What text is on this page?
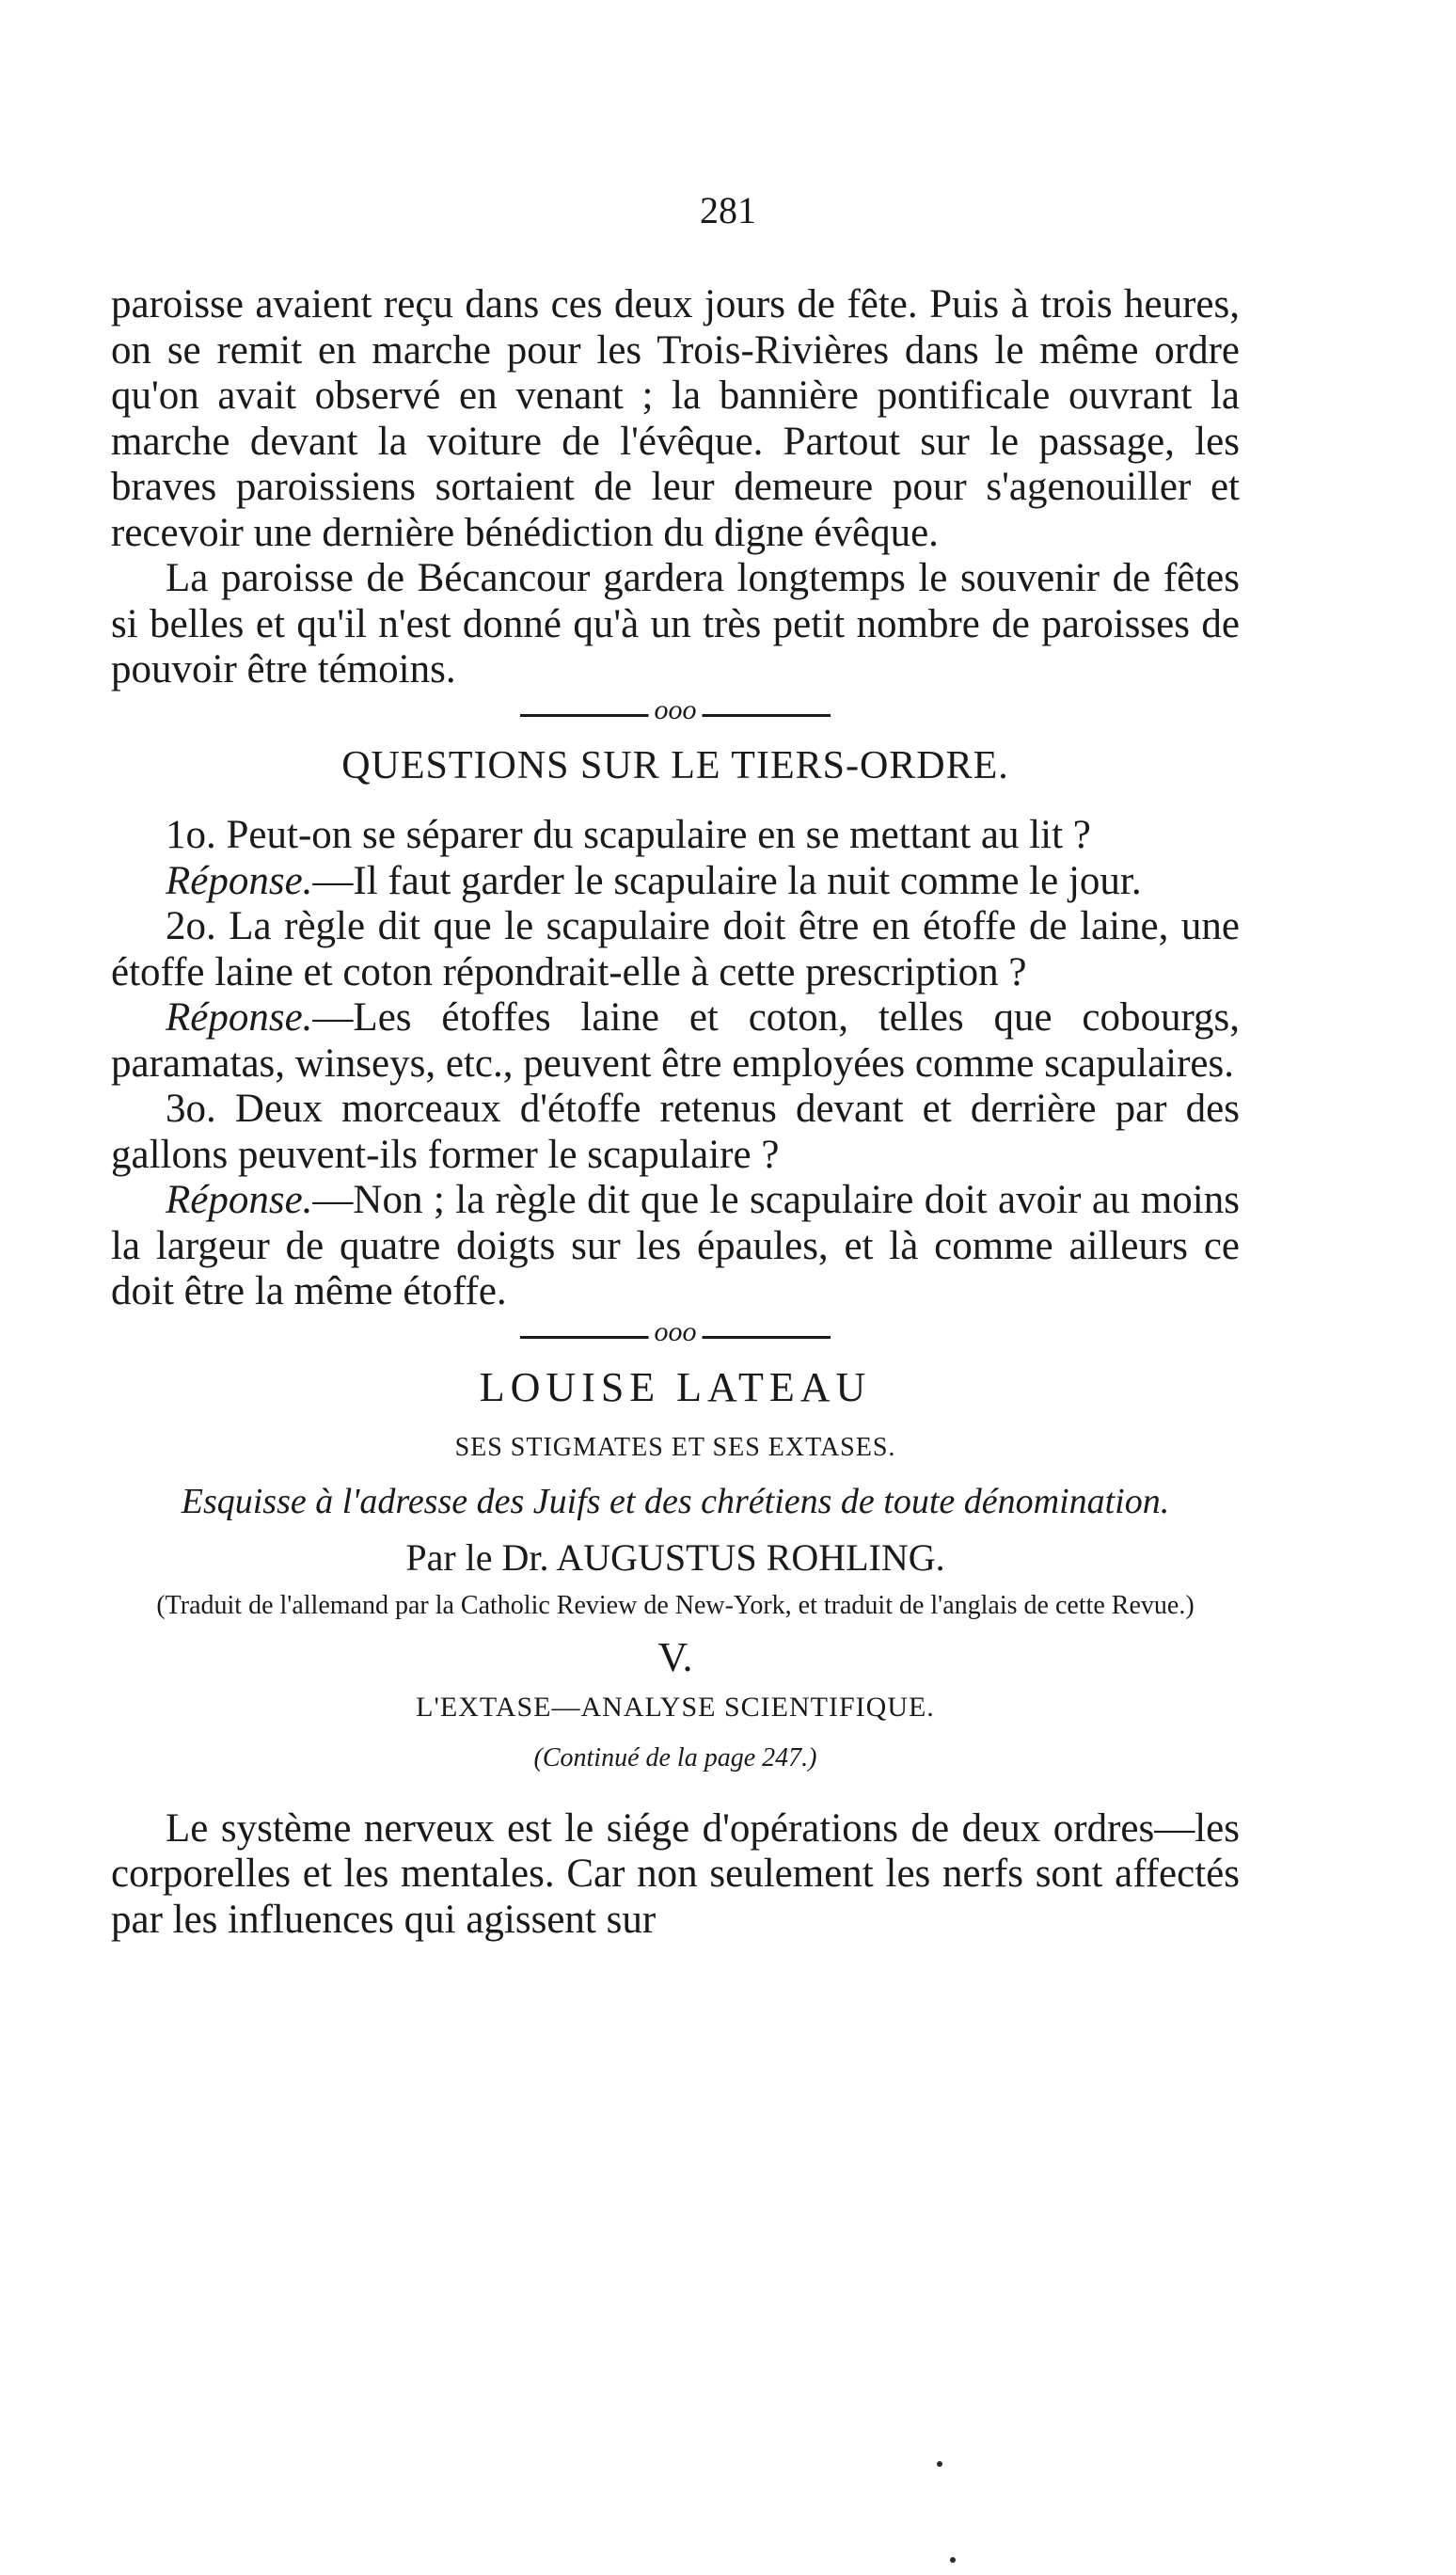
281

paroisse avaient reçu dans ces deux jours de fête. Puis à trois heures, on se remit en marche pour les Trois-Rivières dans le même ordre qu'on avait observé en venant ; la bannière pontificale ouvrant la marche devant la voiture de l'évêque. Partout sur le passage, les braves paroissiens sortaient de leur demeure pour s'agenouiller et recevoir une dernière bénédiction du digne évêque.

La paroisse de Bécancour gardera longtemps le souvenir de fêtes si belles et qu'il n'est donné qu'à un très petit nombre de paroisses de pouvoir être témoins.

ooo
QUESTIONS SUR LE TIERS-ORDRE.

1o. Peut-on se séparer du scapulaire en se mettant au lit ?

Réponse.—Il faut garder le scapulaire la nuit comme le jour.

2o. La règle dit que le scapulaire doit être en étoffe de laine, une étoffe laine et coton répondrait-elle à cette prescription ?

Réponse.—Les étoffes laine et coton, telles que cobourgs, paramatas, winseys, etc., peuvent être employées comme scapulaires.

3o. Deux morceaux d'étoffe retenus devant et derrière par des gallons peuvent-ils former le scapulaire ?

Réponse.—Non ; la règle dit que le scapulaire doit avoir au moins la largeur de quatre doigts sur les épaules, et là comme ailleurs ce doit être la même étoffe.

ooo
LOUISE LATEAU
SES STIGMATES ET SES EXTASES.
Esquisse à l'adresse des Juifs et des chrétiens de toute dénomination.
Par le Dr. AUGUSTUS ROHLING.
(Traduit de l'allemand par la Catholic Review de New-York, et traduit de l'anglais de cette Revue.)
V.
L'EXTASE—ANALYSE SCIENTIFIQUE.
(Continué de la page 247.)

Le système nerveux est le siége d'opérations de deux ordres—les corporelles et les mentales. Car non seulement les nerfs sont affectés par les influences qui agissent sur
